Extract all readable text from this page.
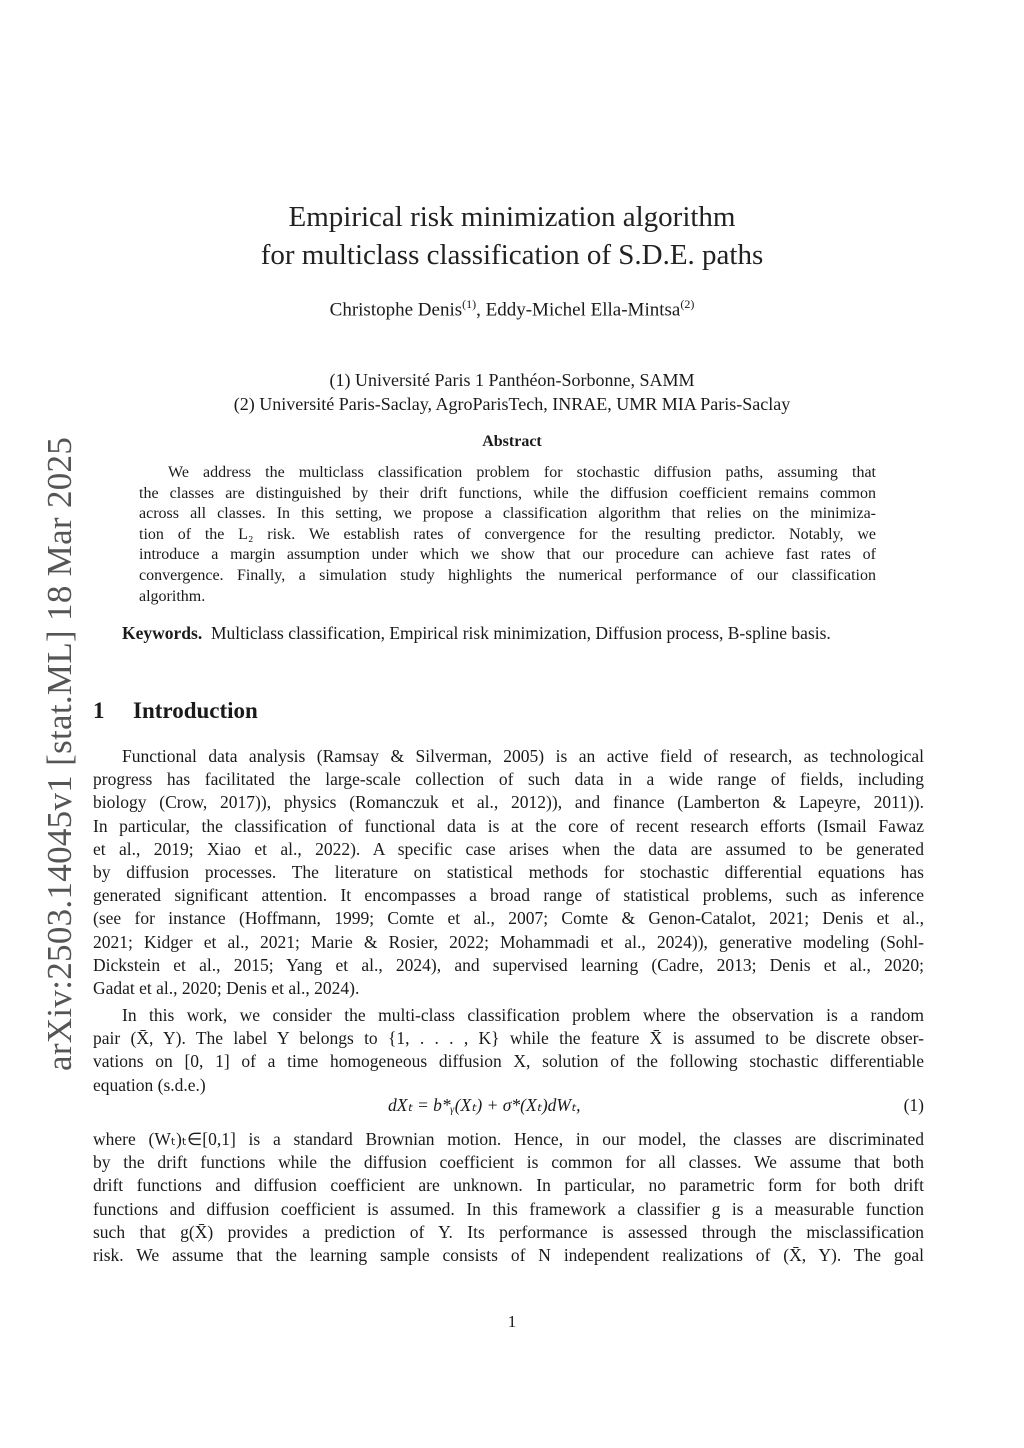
arXiv:2503.14045v1 [stat.ML] 18 Mar 2025
Empirical risk minimization algorithm
for multiclass classification of S.D.E. paths
Christophe Denis$^{(1)}$, Eddy-Michel Ella-Mintsa$^{(2)}$
(1) Université Paris 1 Panthéon-Sorbonne, SAMM
(2) Université Paris-Saclay, AgroParisTech, INRAE, UMR MIA Paris-Saclay
Abstract
We address the multiclass classification problem for stochastic diffusion paths, assuming that
the classes are distinguished by their drift functions, while the diffusion coefficient remains common
across all classes. In this setting, we propose a classification algorithm that relies on the minimiza-
tion of the L₂ risk. We establish rates of convergence for the resulting predictor. Notably, we
introduce a margin assumption under which we show that our procedure can achieve fast rates of
convergence. Finally, a simulation study highlights the numerical performance of our classification
algorithm.
Keywords. Multiclass classification, Empirical risk minimization, Diffusion process, B-spline basis.
1 Introduction
Functional data analysis (Ramsay & Silverman, 2005) is an active field of research, as technological
progress has facilitated the large-scale collection of such data in a wide range of fields, including
biology (Crow, 2017)), physics (Romanczuk et al., 2012)), and finance (Lamberton & Lapeyre, 2011)).
In particular, the classification of functional data is at the core of recent research efforts (Ismail Fawaz
et al., 2019; Xiao et al., 2022). A specific case arises when the data are assumed to be generated
by diffusion processes. The literature on statistical methods for stochastic differential equations has
generated significant attention. It encompasses a broad range of statistical problems, such as inference
(see for instance (Hoffmann, 1999; Comte et al., 2007; Comte & Genon-Catalot, 2021; Denis et al.,
2021; Kidger et al., 2021; Marie & Rosier, 2022; Mohammadi et al., 2024)), generative modeling (Sohl-
Dickstein et al., 2015; Yang et al., 2024), and supervised learning (Cadre, 2013; Denis et al., 2020;
Gadat et al., 2020; Denis et al., 2024).
In this work, we consider the multi-class classification problem where the observation is a random
pair (X̄, Y). The label Y belongs to {1, . . . , K} while the feature X̄ is assumed to be discrete obser-
vations on [0, 1] of a time homogeneous diffusion X, solution of the following stochastic differentiable
equation (s.d.e.)
dXₜ = b*ᵧ(Xₜ) + σ*(Xₜ)dWₜ,	(1)
where (Wₜ)ₜ∈[0,1] is a standard Brownian motion. Hence, in our model, the classes are discriminated
by the drift functions while the diffusion coefficient is common for all classes. We assume that both
drift functions and diffusion coefficient are unknown. In particular, no parametric form for both drift
functions and diffusion coefficient is assumed. In this framework a classifier g is a measurable function
such that g(X̄) provides a prediction of Y. Its performance is assessed through the misclassification
risk. We assume that the learning sample consists of N independent realizations of (X̄, Y). The goal
1
